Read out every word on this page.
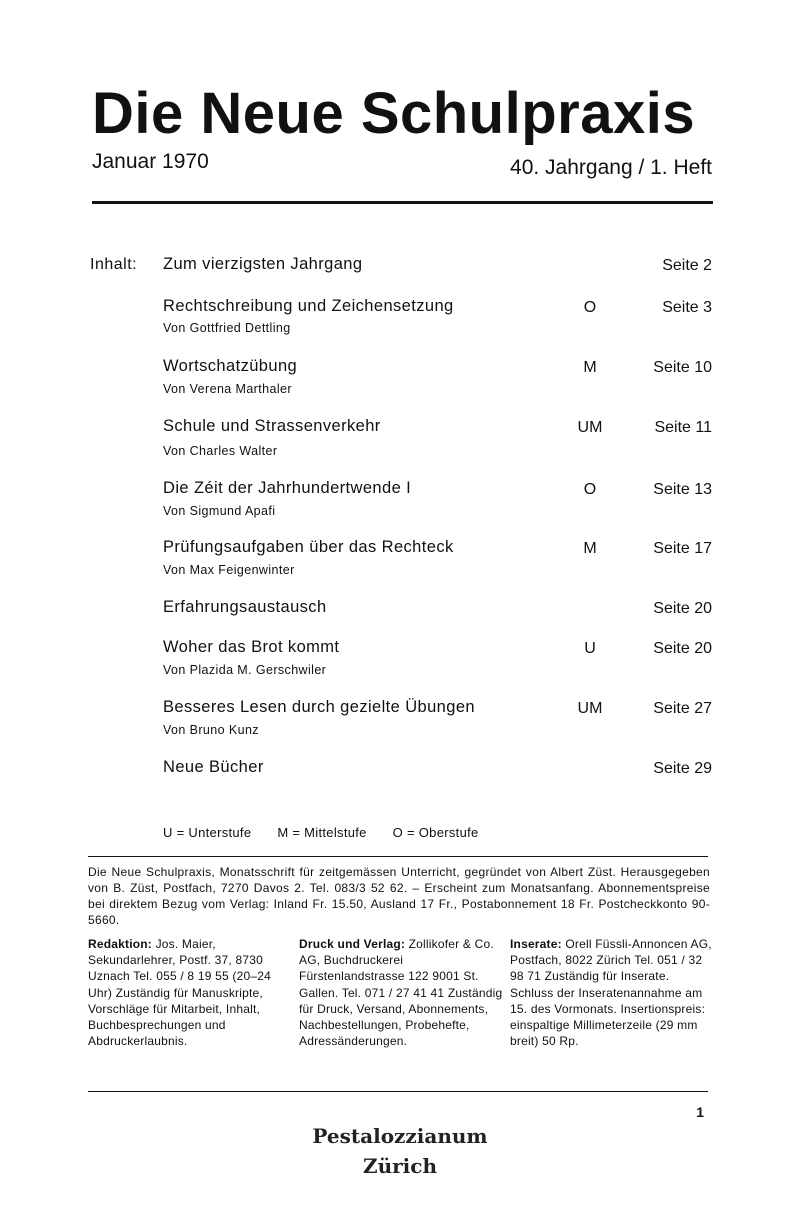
Die Neue Schulpraxis
Januar 1970	40. Jahrgang / 1. Heft
Inhalt: Zum vierzigsten Jahrgang	Seite 2
Rechtschreibung und Zeichensetzung
Von Gottfried Dettling
O	Seite 3
Wortschatzübung
Von Verena Marthaler
M	Seite 10
Schule und Strassenverkehr
Von Charles Walter
UM	Seite 11
Die Zéit der Jahrhundertwende I
Von Sigmund Apafi
O	Seite 13
Prüfungsaufgaben über das Rechteck
Von Max Feigenwinter
M	Seite 17
Erfahrungsaustausch	Seite 20
Woher das Brot kommt
Von Plazida M. Gerschwiler
U	Seite 20
Besseres Lesen durch gezielte Übungen
Von Bruno Kunz
UM	Seite 27
Neue Bücher	Seite 29
U = Unterstufe M = Mittelstufe O = Oberstufe
Die Neue Schulpraxis, Monatsschrift für zeitgemässen Unterricht, gegründet von Albert Züst. Herausgegeben von B. Züst, Postfach, 7270 Davos 2. Tel. 083/3 52 62. – Erscheint zum Monatsanfang. Abonnementspreise bei direktem Bezug vom Verlag: Inland Fr. 15.50, Ausland 17 Fr., Postabonnement 18 Fr. Postcheckkonto 90-5660.
Redaktion: Jos. Maier, Sekundarlehrer, Postf. 37, 8730 Uznach Tel. 055 / 8 19 55 (20–24 Uhr) Zuständig für Manuskripte, Vorschläge für Mitarbeit, Inhalt, Buchbesprechungen und Abdruckerlaubnis.
Druck und Verlag: Zollikofer & Co. AG, Buchdruckerei Fürstenlandstrasse 122 9001 St. Gallen. Tel. 071 / 27 41 41 Zuständig für Druck, Versand, Abonnements, Nachbestellungen, Probehefte, Adressänderungen.
Inserate: Orell Füssli-Annoncen AG, Postfach, 8022 Zürich Tel. 051 / 32 98 71 Zuständig für Inserate. Schluss der Inseratenannahme am 15. des Vormonats. Insertionspreis: einspaltige Millimeterzeile (29 mm breit) 50 Rp.
1
Pestalozzianum
Zürich
